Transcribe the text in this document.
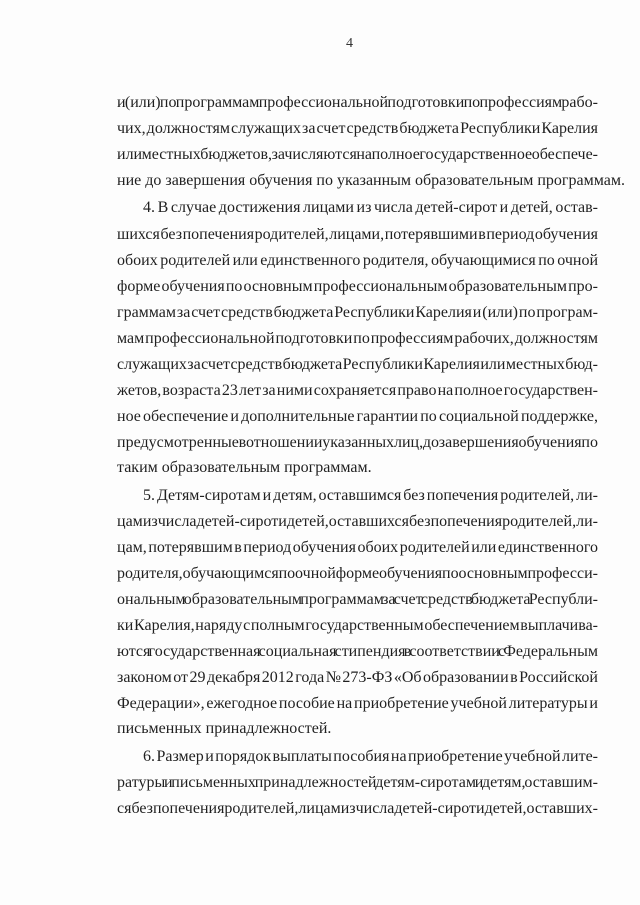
4
и (или) по программам профессиональной подготовки по профессиям рабо-
чих, должностям служащих за счет средств бюджета Республики Карелия
или местных бюджетов, зачисляются на полное государственное обеспече-
ние до завершения обучения по указанным образовательным программам.
4. В случае достижения лицами из числа детей-сирот и детей, остав-
шихся без попечения родителей, лицами, потерявшими в период обучения
обоих родителей или единственного родителя, обучающимися по очной
форме обучения по основным профессиональным образовательным про-
граммам за счет средств бюджета Республики Карелия и (или) по програм-
мам профессиональной подготовки по профессиям рабочих, должностям
служащих за счет средств бюджета Республики Карелия или местных бюд-
жетов, возраста 23 лет за ними сохраняется право на полное государствен-
ное обеспечение и дополнительные гарантии по социальной поддержке,
предусмотренные в отношении указанных лиц, до завершения обучения по
таким образовательным программам.
5. Детям-сиротам и детям, оставшимся без попечения родителей, ли-
цам из числа детей-сирот и детей, оставшихся без попечения родителей, ли-
цам, потерявшим в период обучения обоих родителей или единственного
родителя, обучающимся по очной форме обучения по основным професси-
ональным образовательным программам за счет средств бюджета Республи-
ки Карелия, наряду с полным государственным обеспечением выплачива-
ются государственная социальная стипендия в соответствии с Федеральным
законом от 29 декабря 2012 года № 273-ФЗ «Об образовании в Российской
Федерации», ежегодное пособие на приобретение учебной литературы и
письменных принадлежностей.
6. Размер и порядок выплаты пособия на приобретение учебной лите-
ратуры и письменных принадлежностей детям-сиротам и детям, оставшим-
ся без попечения родителей, лицам из числа детей-сирот и детей, оставших-
